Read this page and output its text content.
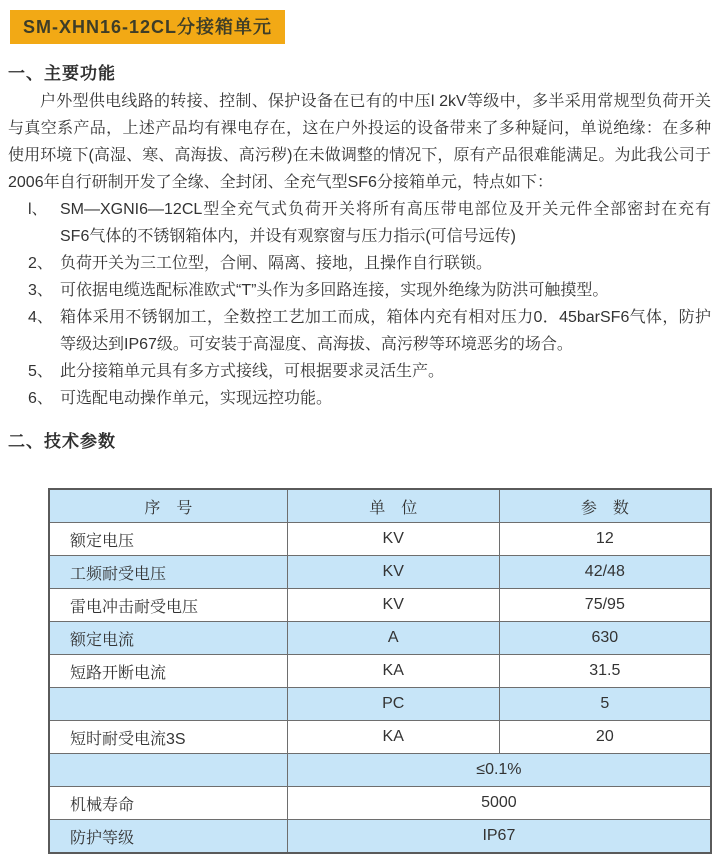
SM-XHN16-12CL分接箱单元
一、主要功能

户外型供电线路的转接、控制、保护设备在已有的中压l 2kV等级中，多半采用常规型负荷开关与真空系产品，上述产品均有裸电存在，这在户外投运的设备带来了多种疑问，单说绝缘：在多种使用环境下(高湿、寒、高海拔、高污秽)在未做调整的情况下，原有产品很难能满足。为此我公司于2006年自行研制开发了全缘、全封闭、全充气型SF6分接箱单元，特点如下：

l、 SM—XGNI6—12CL型全充气式负荷开关将所有高压带电部位及开关元件全部密封在充有SF6气体的不锈钢箱体内，并设有观察窗与压力指示(可信号远传)
2、 负荷开关为三工位型，合闸、隔离、接地，且操作自行联锁。
3、 可依据电缆选配标准欧式“T”头作为多回路连接，实现外绝缘为防洪可触摸型。
4、 箱体采用不锈钢加工，全数控工艺加工而成，箱体内充有相对压力0．45barSF6气体，防护等级达到IP67级。可安装于高湿度、高海拔、高污秽等环境恶劣的场合。
5、 此分接箱单元具有多方式接线，可根据要求灵活生产。
6、 可选配电动操作单元，实现远控功能。
二、技术参数
序　号	单　位	参　数
额定电压	KV	12
工频耐受电压	KV	42/48
雷电冲击耐受电压	KV	75/95
额定电流	A	630
短路开断电流	KA	31.5
	PC	5
短时耐受电流3S	KA	20
	≤0.1%	
机械寿命	5000	
防护等级	IP67	
